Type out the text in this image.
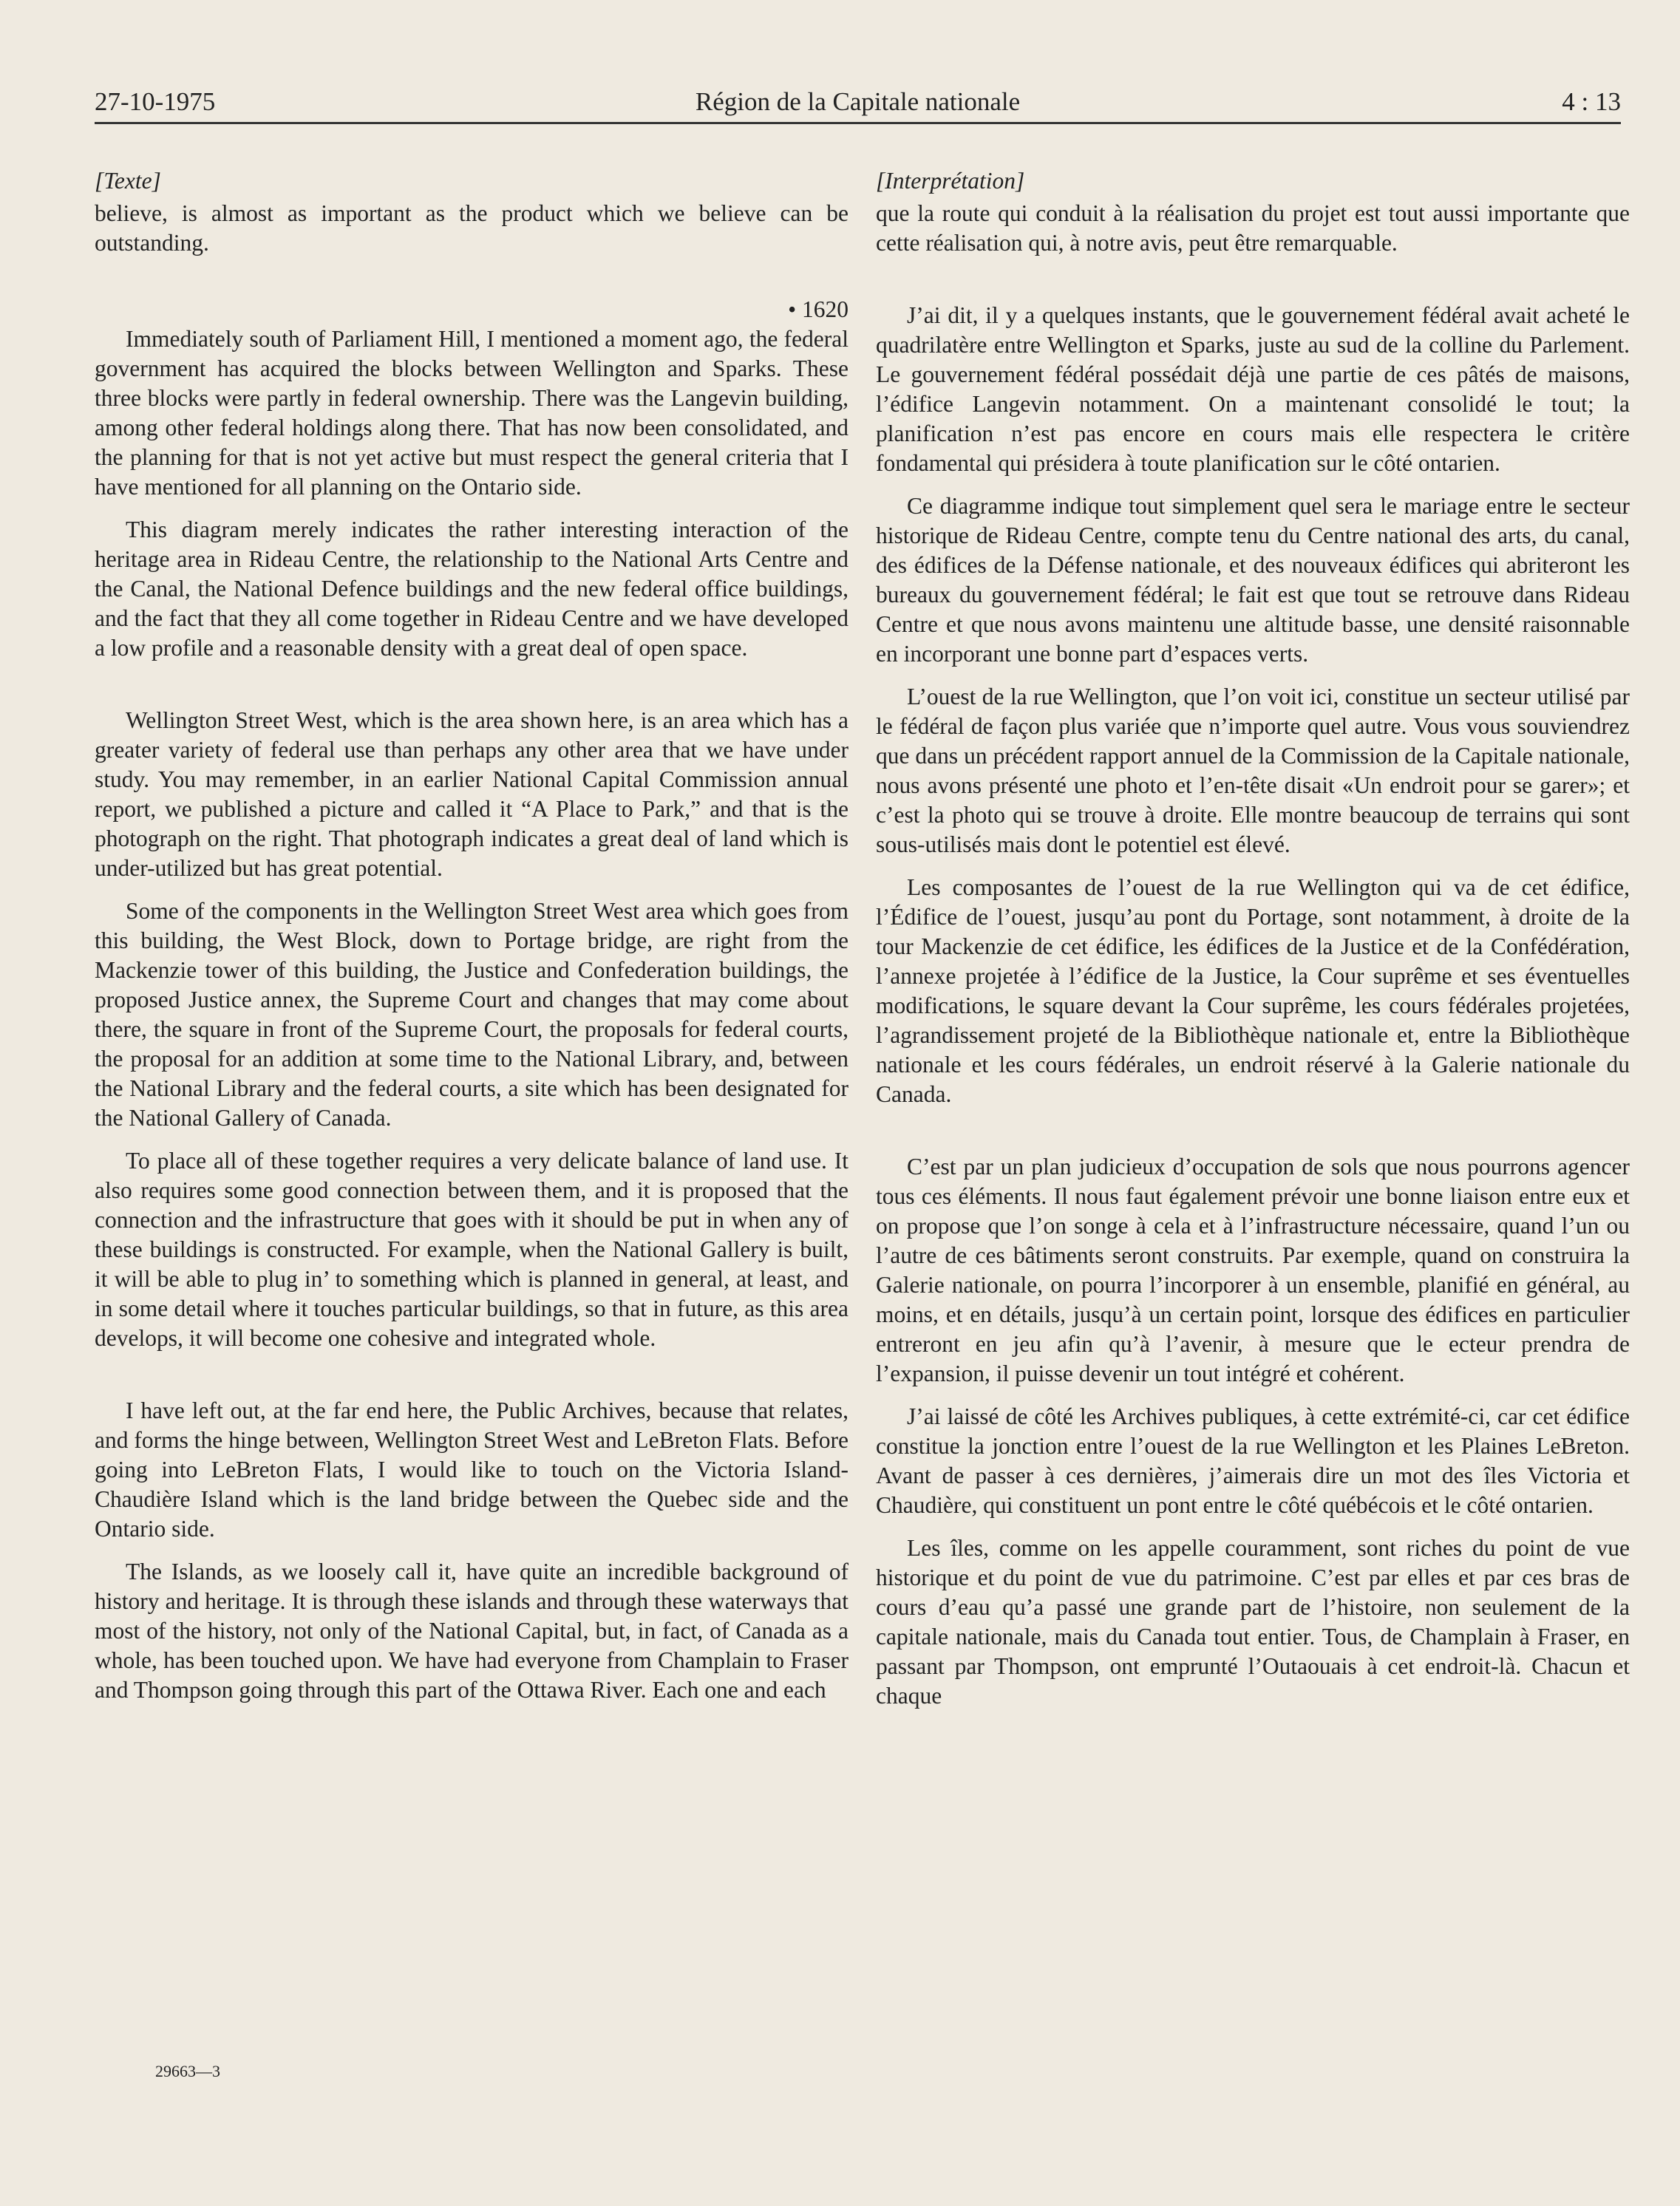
27-10-1975	Région de la Capitale nationale	4 : 13
[Texte]

believe, is almost as important as the product which we believe can be outstanding.

• 1620

Immediately south of Parliament Hill, I mentioned a moment ago, the federal government has acquired the blocks between Wellington and Sparks. These three blocks were partly in federal ownership. There was the Langevin building, among other federal holdings along there. That has now been consolidated, and the planning for that is not yet active but must respect the general criteria that I have mentioned for all planning on the Ontario side.

This diagram merely indicates the rather interesting interaction of the heritage area in Rideau Centre, the relationship to the National Arts Centre and the Canal, the National Defence buildings and the new federal office buildings, and the fact that they all come together in Rideau Centre and we have developed a low profile and a reasonable density with a great deal of open space.

Wellington Street West, which is the area shown here, is an area which has a greater variety of federal use than perhaps any other area that we have under study. You may remember, in an earlier National Capital Commission annual report, we published a picture and called it “A Place to Park,” and that is the photograph on the right. That photograph indicates a great deal of land which is under-utilized but has great potential.

Some of the components in the Wellington Street West area which goes from this building, the West Block, down to Portage bridge, are right from the Mackenzie tower of this building, the Justice and Confederation buildings, the proposed Justice annex, the Supreme Court and changes that may come about there, the square in front of the Supreme Court, the proposals for federal courts, the proposal for an addition at some time to the National Library, and, between the National Library and the federal courts, a site which has been designated for the National Gallery of Canada.

To place all of these together requires a very delicate balance of land use. It also requires some good connection between them, and it is proposed that the connection and the infrastructure that goes with it should be put in when any of these buildings is constructed. For example, when the National Gallery is built, it will be able to plug in’ to something which is planned in general, at least, and in some detail where it touches particular buildings, so that in future, as this area develops, it will become one cohesive and integrated whole.

I have left out, at the far end here, the Public Archives, because that relates, and forms the hinge between, Wellington Street West and LeBreton Flats. Before going into LeBreton Flats, I would like to touch on the Victoria Island-Chaudière Island which is the land bridge between the Quebec side and the Ontario side.

The Islands, as we loosely call it, have quite an incredible background of history and heritage. It is through these islands and through these waterways that most of the history, not only of the National Capital, but, in fact, of Canada as a whole, has been touched upon. We have had everyone from Champlain to Fraser and Thompson going through this part of the Ottawa River. Each one and each

[Interprétation]

que la route qui conduit à la réalisation du projet est tout aussi importante que cette réalisation qui, à notre avis, peut être remarquable.

J’ai dit, il y a quelques instants, que le gouvernement fédéral avait acheté le quadrilatère entre Wellington et Sparks, juste au sud de la colline du Parlement. Le gouvernement fédéral possédait déjà une partie de ces pâtés de maisons, l’édifice Langevin notamment. On a maintenant consolidé le tout; la planification n’est pas encore en cours mais elle respectera le critère fondamental qui présidera à toute planification sur le côté ontarien.

Ce diagramme indique tout simplement quel sera le mariage entre le secteur historique de Rideau Centre, compte tenu du Centre national des arts, du canal, des édifices de la Défense nationale, et des nouveaux édifices qui abriteront les bureaux du gouvernement fédéral; le fait est que tout se retrouve dans Rideau Centre et que nous avons maintenu une altitude basse, une densité raisonnable en incorporant une bonne part d’espaces verts.

L’ouest de la rue Wellington, que l’on voit ici, constitue un secteur utilisé par le fédéral de façon plus variée que n’importe quel autre. Vous vous souviendrez que dans un précédent rapport annuel de la Commission de la Capitale nationale, nous avons présenté une photo et l’en-tête disait «Un endroit pour se garer»; et c’est la photo qui se trouve à droite. Elle montre beaucoup de terrains qui sont sous-utilisés mais dont le potentiel est élevé.

Les composantes de l’ouest de la rue Wellington qui va de cet édifice, l’Édifice de l’ouest, jusqu’au pont du Portage, sont notamment, à droite de la tour Mackenzie de cet édifice, les édifices de la Justice et de la Confédération, l’annexe projetée à l’édifice de la Justice, la Cour suprême et ses éventuelles modifications, le square devant la Cour suprême, les cours fédérales projetées, l’agrandissement projeté de la Bibliothèque nationale et, entre la Bibliothèque nationale et les cours fédérales, un endroit réservé à la Galerie nationale du Canada.

C’est par un plan judicieux d’occupation de sols que nous pourrons agencer tous ces éléments. Il nous faut également prévoir une bonne liaison entre eux et on propose que l’on songe à cela et à l’infrastructure nécessaire, quand l’un ou l’autre de ces bâtiments seront construits. Par exemple, quand on construira la Galerie nationale, on pourra l’incorporer à un ensemble, planifié en général, au moins, et en détails, jusqu’à un certain point, lorsque des édifices en particulier entreront en jeu afin qu’à l’avenir, à mesure que le ecteur prendra de l’expansion, il puisse devenir un tout intégré et cohérent.

J’ai laissé de côté les Archives publiques, à cette extrémité-ci, car cet édifice constitue la jonction entre l’ouest de la rue Wellington et les Plaines LeBreton. Avant de passer à ces dernières, j’aimerais dire un mot des îles Victoria et Chaudière, qui constituent un pont entre le côté québécois et le côté ontarien.

Les îles, comme on les appelle couramment, sont riches du point de vue historique et du point de vue du patrimoine. C’est par elles et par ces bras de cours d’eau qu’a passé une grande part de l’histoire, non seulement de la capitale nationale, mais du Canada tout entier. Tous, de Champlain à Fraser, en passant par Thompson, ont emprunté l’Outaouais à cet endroit-là. Chacun et chaque

29663—3
